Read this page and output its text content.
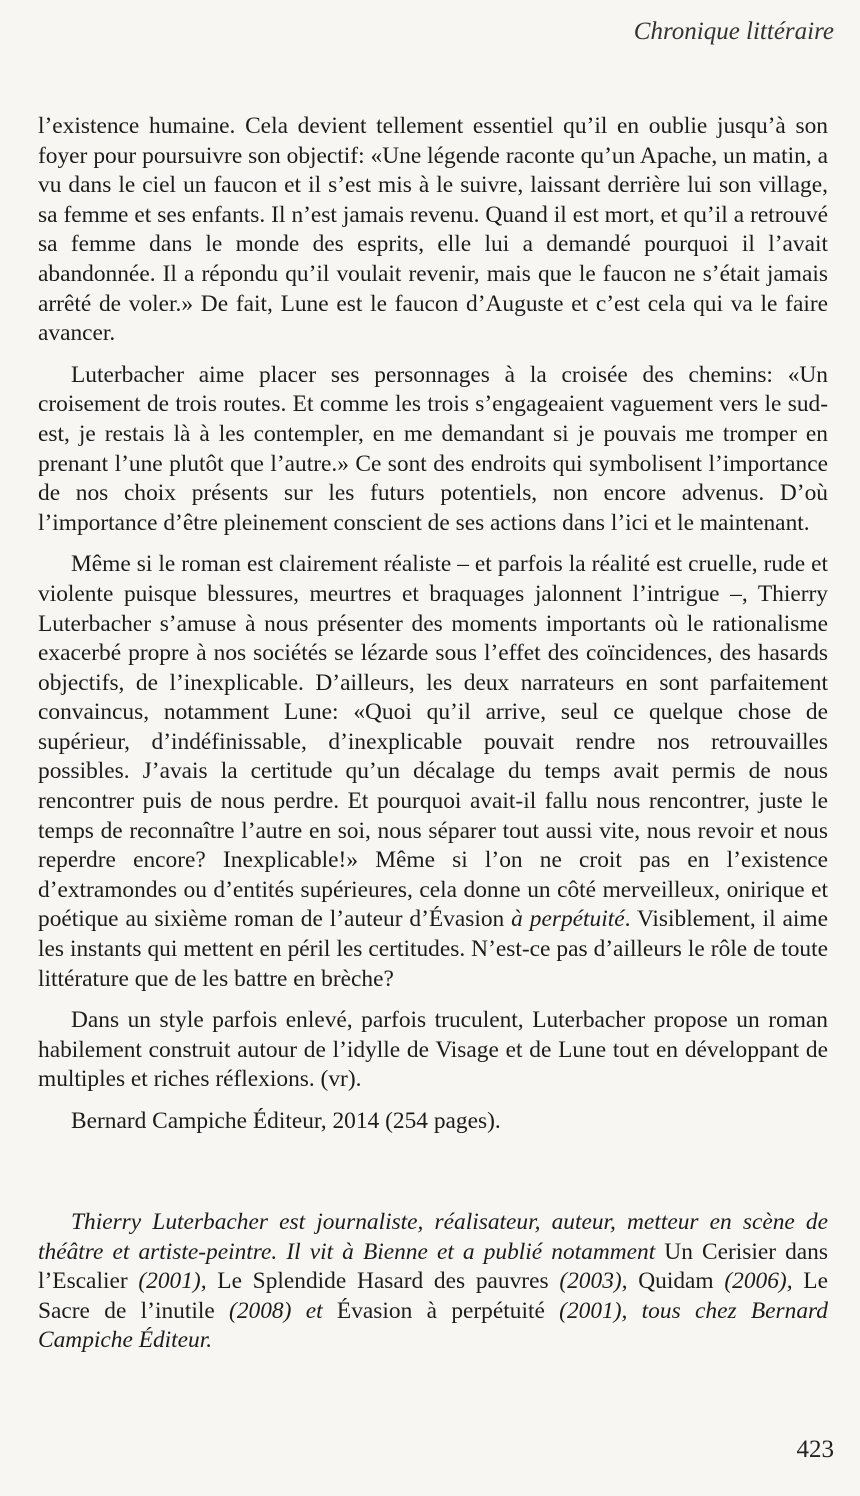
Chronique littéraire

l’existence humaine. Cela devient tellement essentiel qu’il en oublie jusqu’à son foyer pour poursuivre son objectif: «Une légende raconte qu’un Apache, un matin, a vu dans le ciel un faucon et il s’est mis à le suivre, laissant derrière lui son village, sa femme et ses enfants. Il n’est jamais revenu. Quand il est mort, et qu’il a retrouvé sa femme dans le monde des esprits, elle lui a demandé pourquoi il l’avait abandonnée. Il a répondu qu’il voulait revenir, mais que le faucon ne s’était jamais arrêté de voler.» De fait, Lune est le faucon d’Auguste et c’est cela qui va le faire avancer.

Luterbacher aime placer ses personnages à la croisée des chemins: «Un croisement de trois routes. Et comme les trois s’engageaient vaguement vers le sud-est, je restais là à les contempler, en me demandant si je pouvais me tromper en prenant l’une plutôt que l’autre.» Ce sont des endroits qui symbolisent l’importance de nos choix présents sur les futurs potentiels, non encore advenus. D’où l’importance d’être pleinement conscient de ses actions dans l’ici et le maintenant.

Même si le roman est clairement réaliste – et parfois la réalité est cruelle, rude et violente puisque blessures, meurtres et braquages jalonnent l’intrigue –, Thierry Luterbacher s’amuse à nous présenter des moments importants où le rationalisme exacerbé propre à nos sociétés se lézarde sous l’effet des coïncidences, des hasards objectifs, de l’inexplicable. D’ailleurs, les deux narrateurs en sont parfaitement convaincus, notamment Lune: «Quoi qu’il arrive, seul ce quelque chose de supérieur, d’indéfinissable, d’inexplicable pouvait rendre nos retrouvailles possibles. J’avais la certitude qu’un décalage du temps avait permis de nous rencontrer puis de nous perdre. Et pourquoi avait-il fallu nous rencontrer, juste le temps de reconnaître l’autre en soi, nous séparer tout aussi vite, nous revoir et nous reperdre encore? Inexplicable!» Même si l’on ne croit pas en l’existence d’extramondes ou d’entités supérieures, cela donne un côté merveilleux, onirique et poétique au sixième roman de l’auteur d’Évasion à perpétuité. Visiblement, il aime les instants qui mettent en péril les certitudes. N’est-ce pas d’ailleurs le rôle de toute littérature que de les battre en brèche?

Dans un style parfois enlevé, parfois truculent, Luterbacher propose un roman habilement construit autour de l’idylle de Visage et de Lune tout en développant de multiples et riches réflexions. (vr).

Bernard Campiche Éditeur, 2014 (254 pages).

Thierry Luterbacher est journaliste, réalisateur, auteur, metteur en scène de théâtre et artiste-peintre. Il vit à Bienne et a publié notamment Un Cerisier dans l’Escalier (2001), Le Splendide Hasard des pauvres (2003), Quidam (2006), Le Sacre de l’inutile (2008) et Évasion à perpétuité (2001), tous chez Bernard Campiche Éditeur.

423
